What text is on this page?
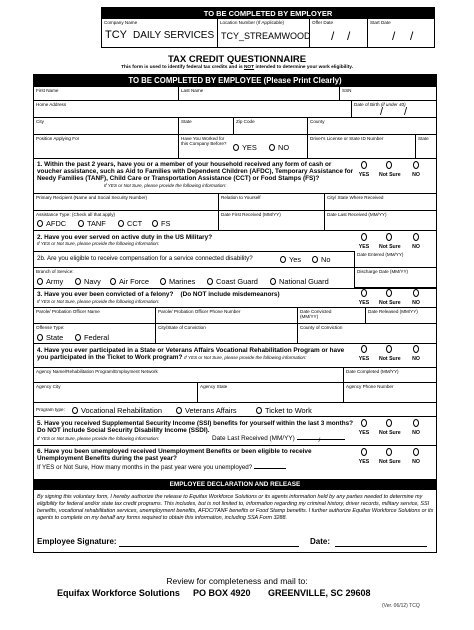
TO BE COMPLETED BY EMPLOYER
Company Name
TCY DAILY SERVICES
Location Number (If Applicable)
TCY_STREAMWOOD
Offer Date
/ /
Start Date
/ /
TAX CREDIT QUESTIONNAIRE
This form is used to identify federal tax credits and is NOT intended to determine your work eligibility.
TO BE COMPLETED BY EMPLOYEE (Please Print Clearly)
First Name	Last Name	SSN
Home Address	Date of Birth (if under 40)
/ /
City	State	Zip Code	County
Position Applying For	Have You Worked for this Company Before?	YES	NO
Driver's License or State ID Number	State
1. Within the past 2 years, have you or a member of your household received any form of cash or voucher assistance, such as Aid to Families with Dependent Children (AFDC), Temporary Assistance for Needy Families (TANF), Child Care or Transportation Assistance (CCT) or Food Stamps (FS)?
If YES or Not Sure, please provide the following information:
YES	Not Sure	NO
Primary Recipient (Name and Social Security Number)	Relation to Yourself	City/ State Where Received
Assistance Type: (Check all that apply)
AFDC	TANF	CCT	FS
Date First Received (MM/YY)	Date Last Received (MM/YY)
2. Have you ever served on active duty in the US Military?
If YES or Not Sure, please provide the following information:
YES	Not Sure	NO
2b. Are you eligible to receive compensation for a service connected disability?	Yes	No
Date Entered (MM/YY)
Branch of Service:
Army	Navy Air Force	Marines	Coast Guard	National Guard
Discharge Date (MM/YY)
3. Have you ever been convicted of a felony? (Do NOT include misdemeanors)
If YES or Not Sure, please provide the following information:	YES	Not Sure	NO
Parole/ Probation Officer Name	Parole/ Probation Officer Phone Number	Date Convicted (MM/YY)
Date Released (MM/YY)
Offense Type:
State	Federal
City/State of Conviction	County of Conviction
4. Have you ever participated in a State or Veterans Affairs Vocational Rehabilitation Program or have you participated in the Ticket to Work program? If YES or Not Sure, please provide the following information:	YES	Not Sure	NO
Agency Name/Rehabilitation Program/Employment Network	Date Completed (MM/YY)
Agency City	Agency State	Agency Phone Number
Program type: Vocational Rehabilitation	Veterans Affairs	Ticket to Work
5. Have you received Supplemental Security Income (SSI) benefits for yourself within the last 3 months? Do NOT include Social Security Disability Income (SSDI).
If YES or Not Sure, please provide the following information:	Date Last Received (MM/YY)	/
YES	Not Sure	NO
6. Have you been unemployed received Unemployment Benefits or been eligible to receive Unemployment Benefits during the past year?
If YES or Not Sure, How many months in the past year were you unemployed?
YES	Not Sure	NO
EMPLOYEE DECLARATION AND RELEASE
By signing this voluntary form, I hereby authorize the release to Equifax Workforce Solutions or its agents information held by any parties needed to determine my eligibility for federal and/or state tax credit programs. This includes, but is not limited to, information regarding my criminal history, driver records, military service, SSI benefits, vocational rehabilitation services, unemployment benefits, AFDC/TANF benefits or Food Stamp benefits. I further authorize Equifax Workforce Solutions or its agents to complete on my behalf any forms required to obtain this information, including SSA Form 3288.
Employee Signature:	Date:
Review for completeness and mail to:
Equifax Workforce Solutions PO BOX 4920 GREENVILLE, SC 29608
(Ver. 06/12) TCQ
